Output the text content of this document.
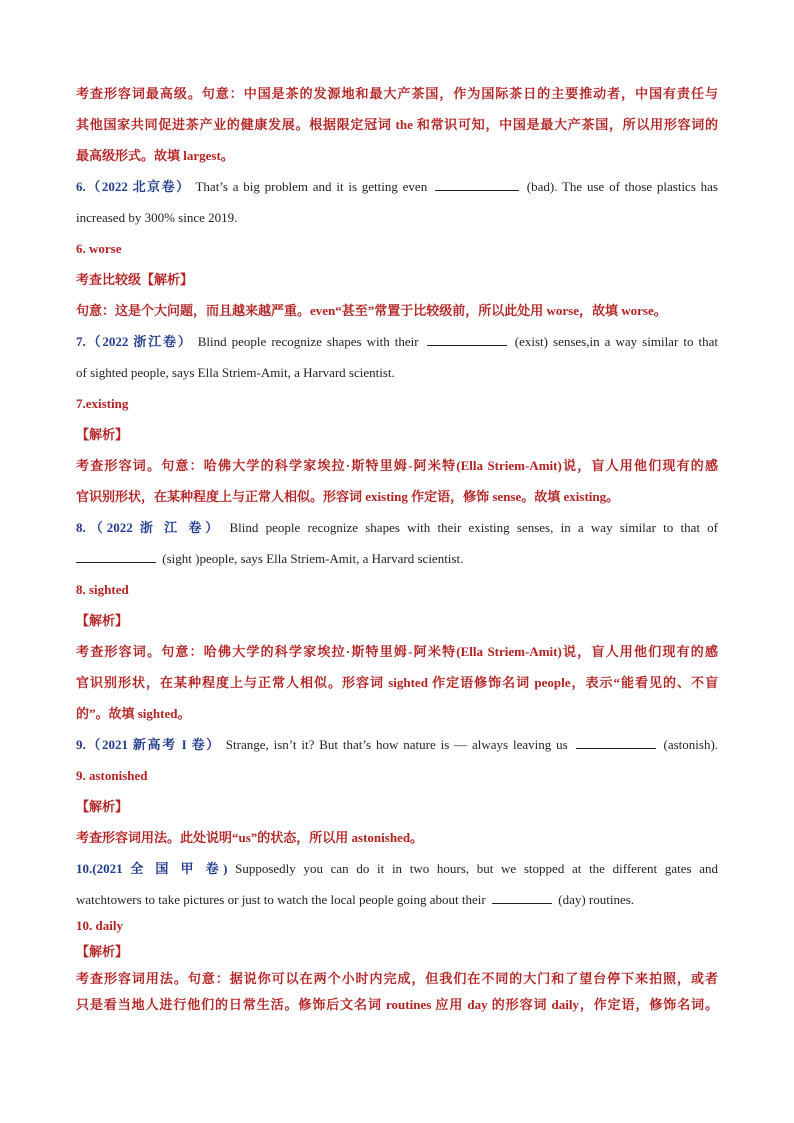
考查形容词最高级。句意：中国是茶的发源地和最大产茶国，作为国际茶日的主要推动者，中国有责任与
其他国家共同促进茶产业的健康发展。根据限定冠词 the 和常识可知，中国是最大产茶国，所以用形容词的
最高级形式。故填 largest。
6.（2022 北京卷） That’s a big problem and it is getting even	(bad). The use of those plastics has
increased by 300% since 2019.
6. worse
考查比较级【解析】
句意：这是个大问题，而且越来越严重。even“甚至”常置于比较级前，所以此处用 worse，故填 worse。
7.（2022 浙江卷） Blind people recognize shapes with their	(exist) senses,in a way similar to that
of sighted people, says Ella Striem-Amit, a Harvard scientist.
7.existing
【解析】
考查形容词。句意：哈佛大学的科学家埃拉·斯特里姆-阿米特(Ella Striem-Amit)说，盲人用他们现有的感
官识别形状，在某种程度上与正常人相似。形容词 existing 作定语，修饰 sense。故填 existing。
8.（2022 浙 江 卷） Blind people recognize shapes with their existing senses, in a way similar to that of
(sight )people, says Ella Striem-Amit, a Harvard scientist.
8. sighted
【解析】
考查形容词。句意：哈佛大学的科学家埃拉·斯特里姆-阿米特(Ella Striem-Amit)说，盲人用他们现有的感
官识别形状，在某种程度上与正常人相似。形容词 sighted 作定语修饰名词 people，表示“能看见的、不盲
的”。故填 sighted。
9.（2021 新高考 I 卷） Strange, isn’t it? But that’s how nature is — always leaving us	(astonish).
9. astonished
【解析】
考查形容词用法。此处说明“us”的状态，所以用 astonished。
10.(2021 全 国 甲 卷) Supposedly you can do it in two hours, but we stopped at the different gates and
watchtowers to take pictures or just to watch the local people going about their	(day) routines.
10. daily
【解析】
考查形容词用法。句意：据说你可以在两个小时内完成，但我们在不同的大门和了望台停下来拍照，或者
只是看当地人进行他们的日常生活。修饰后文名词 routines 应用 day 的形容词 daily，作定语，修饰名词。
